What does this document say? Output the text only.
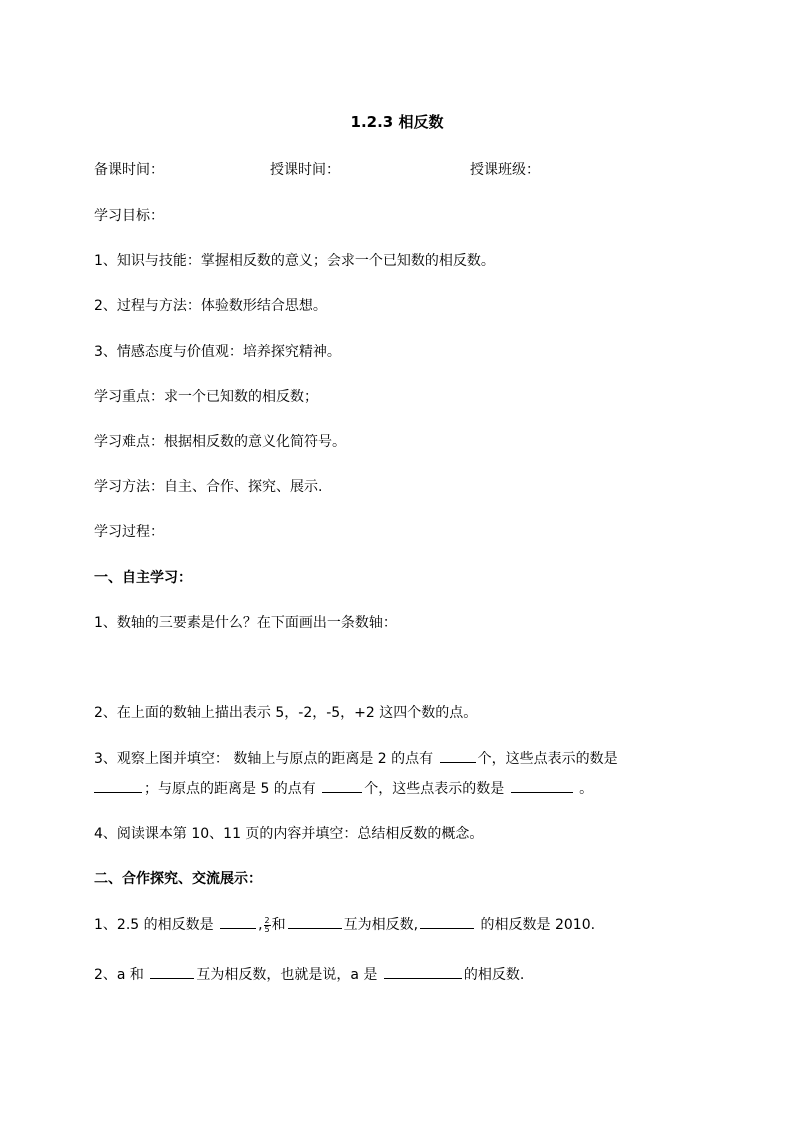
1.2.3 相反数
备课时间：	授课时间：	授课班级：
学习目标：
1、知识与技能：掌握相反数的意义；会求一个已知数的相反数。
2、过程与方法：体验数形结合思想。
3、情感态度与价值观：培养探究精神。
学习重点：求一个已知数的相反数；
学习难点：根据相反数的意义化简符号。
学习方法：自主、合作、探究、展示.
学习过程：
一、自主学习：
1、数轴的三要素是什么？在下面画出一条数轴：
2、在上面的数轴上描出表示 5，-2，-5，+2 这四个数的点。
3、观察上图并填空： 数轴上与原点的距离是 2 的点有	个，这些点表示的数是
；与原点的距离是 5 的点有	个，这些点表示的数是	。
4、阅读课本第 10、11 页的内容并填空：总结相反数的概念。
二、合作探究、交流展示：
1、2.5 的相反数是	, $\frac{2}{5}$ 和	互为相反数,	的相反数是 2010.
2、a 和	互为相反数，也就是说，a 是	的相反数.
